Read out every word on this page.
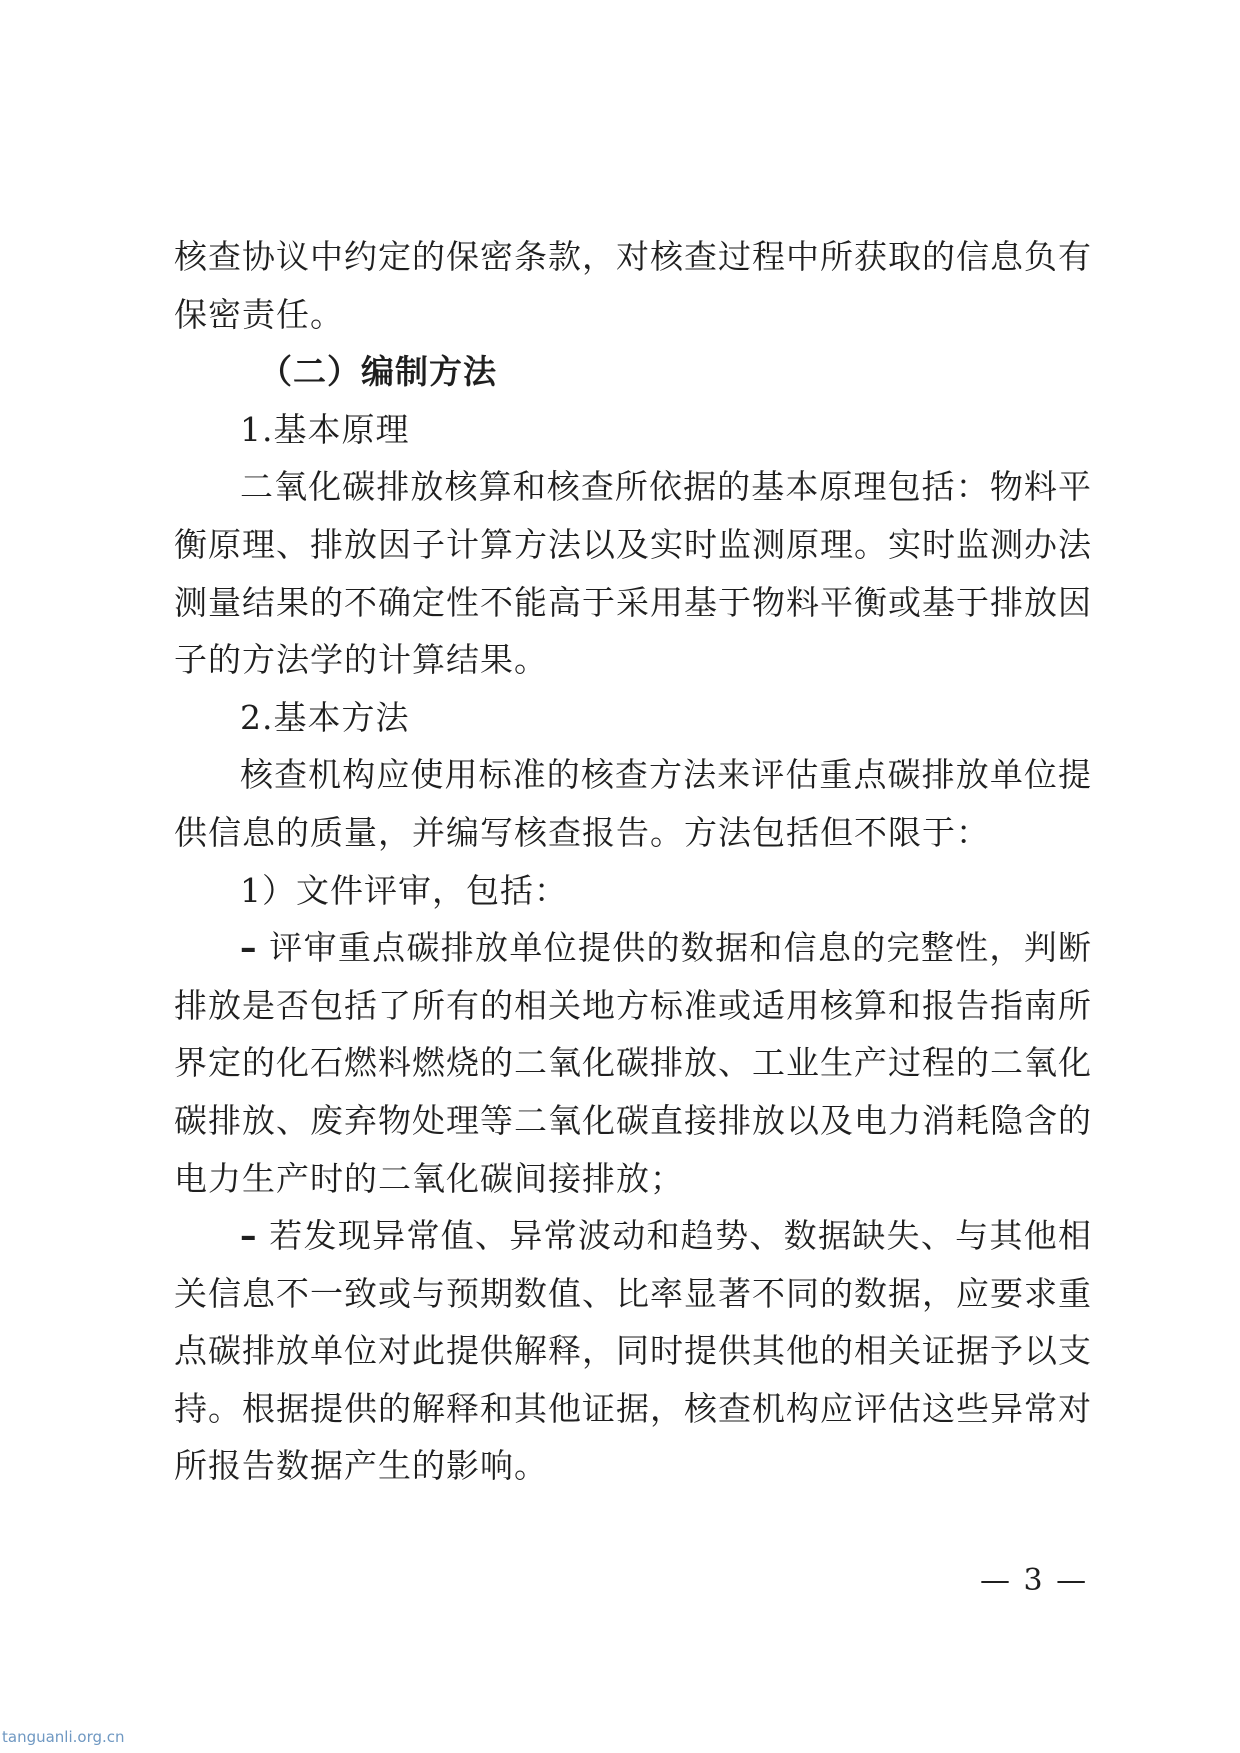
核查协议中约定的保密条款，对核查过程中所获取的信息负有保密责任。

（二）编制方法

1.基本原理

二氧化碳排放核算和核查所依据的基本原理包括：物料平衡原理、排放因子计算方法以及实时监测原理。实时监测办法测量结果的不确定性不能高于采用基于物料平衡或基于排放因子的方法学的计算结果。

2.基本方法

核查机构应使用标准的核查方法来评估重点碳排放单位提供信息的质量，并编写核查报告。方法包括但不限于：

1）文件评审，包括：

– 评审重点碳排放单位提供的数据和信息的完整性，判断排放是否包括了所有的相关地方标准或适用核算和报告指南所界定的化石燃料燃烧的二氧化碳排放、工业生产过程的二氧化碳排放、废弃物处理等二氧化碳直接排放以及电力消耗隐含的电力生产时的二氧化碳间接排放；

– 若发现异常值、异常波动和趋势、数据缺失、与其他相关信息不一致或与预期数值、比率显著不同的数据，应要求重点碳排放单位对此提供解释，同时提供其他的相关证据予以支持。根据提供的解释和其他证据，核查机构应评估这些异常对所报告数据产生的影响。

— 3 —
tanguanli.org.cn
